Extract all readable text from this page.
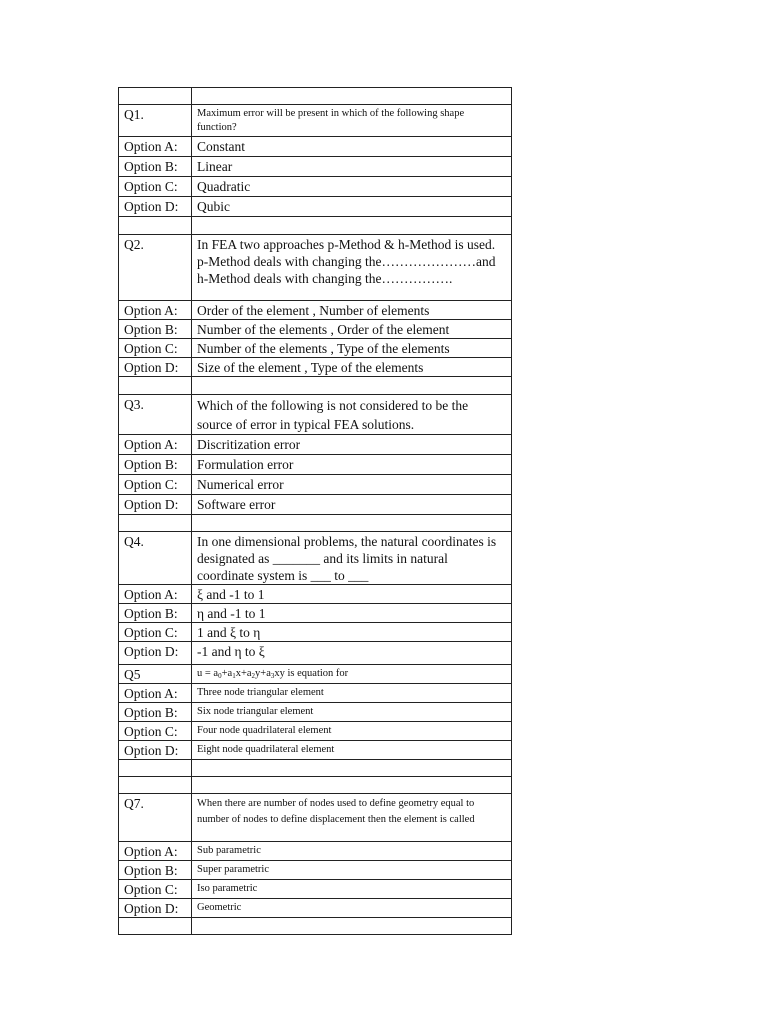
Q1.	Maximum error will be present in which of the following shape function?
Option A:	Constant
Option B:	Linear
Option C:	Quadratic
Option D:	Qubic

Q2.	In FEA two approaches p-Method & h-Method is used. p-Method deals with changing the…………………and h-Method deals with changing the…………….
Option A:	Order of the element , Number of elements
Option B:	Number of the elements , Order of the element
Option C:	Number of the elements , Type of the elements
Option D:	Size of the element , Type of the elements

Q3.	Which of the following is not considered to be the source of error in typical FEA solutions.
Option A:	Discritization error
Option B:	Formulation error
Option C:	Numerical error
Option D:	Software error

Q4.	In one dimensional problems, the natural coordinates is designated as _______ and its limits in natural coordinate system is ___ to ___
Option A:	ξ and -1 to 1
Option B:	η and -1 to 1
Option C:	1 and ξ to η
Option D:	-1 and η to ξ
Q5	$u = a_0+a_1x+a_2y+a_3xy$ is equation for
Option A:	Three node triangular element
Option B:	Six node triangular element
Option C:	Four node quadrilateral element
Option D:	Eight node quadrilateral element

Q7.	When there are number of nodes used to define geometry equal to number of nodes to define displacement then the element is called
Option A:	Sub parametric
Option B:	Super parametric
Option C:	Iso parametric
Option D:	Geometric
